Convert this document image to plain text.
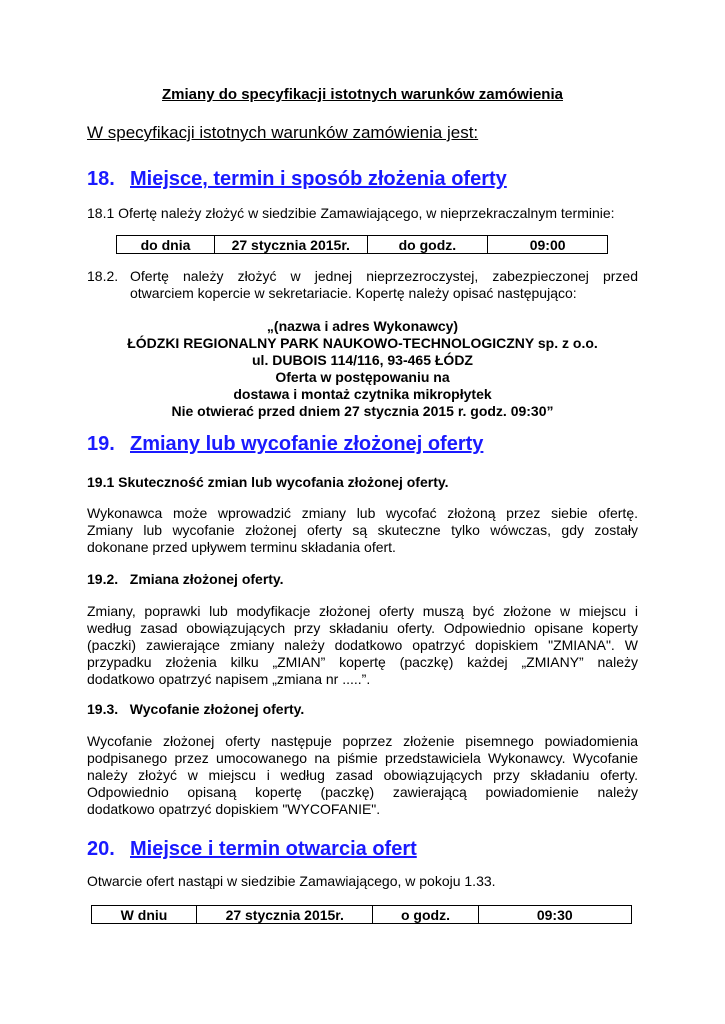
Zmiany do specyfikacji istotnych warunków zamówienia
W specyfikacji istotnych warunków zamówienia jest:
18. Miejsce, termin i sposób złożenia oferty
18.1 Ofertę należy złożyć w siedzibie Zamawiającego, w nieprzekraczalnym terminie:
do dnia	27 stycznia 2015r.	do godz.	09:00
18.2. Ofertę należy złożyć w jednej nieprzezroczystej, zabezpieczonej przed
otwarciem kopercie w sekretariacie. Kopertę należy opisać następująco:
„(nazwa i adres Wykonawcy)
ŁÓDZKI REGIONALNY PARK NAUKOWO-TECHNOLOGICZNY sp. z o.o.
ul. DUBOIS 114/116, 93-465 ŁÓDZ
Oferta w postępowaniu na
dostawa i montaż czytnika mikropłytek
Nie otwierać przed dniem 27 stycznia 2015 r. godz. 09:30”
19. Zmiany lub wycofanie złożonej oferty
19.1 Skuteczność zmian lub wycofania złożonej oferty.
Wykonawca może wprowadzić zmiany lub wycofać złożoną przez siebie ofertę.
Zmiany lub wycofanie złożonej oferty są skuteczne tylko wówczas, gdy zostały
dokonane przed upływem terminu składania ofert.
19.2.   Zmiana złożonej oferty.
Zmiany, poprawki lub modyfikacje złożonej oferty muszą być złożone w miejscu i
według zasad obowiązujących przy składaniu oferty. Odpowiednio opisane koperty
(paczki) zawierające zmiany należy dodatkowo opatrzyć dopiskiem "ZMIANA". W
przypadku złożenia kilku „ZMIAN” kopertę (paczkę) każdej „ZMIANY” należy
dodatkowo opatrzyć napisem „zmiana nr .....”.
19.3.   Wycofanie złożonej oferty.
Wycofanie złożonej oferty następuje poprzez złożenie pisemnego powiadomienia
podpisanego przez umocowanego na piśmie przedstawiciela Wykonawcy. Wycofanie
należy złożyć w miejscu i według zasad obowiązujących przy składaniu oferty.
Odpowiednio opisaną kopertę (paczkę) zawierającą powiadomienie należy
dodatkowo opatrzyć dopiskiem "WYCOFANIE".
20. Miejsce i termin otwarcia ofert
Otwarcie ofert nastąpi w siedzibie Zamawiającego, w pokoju 1.33.
W dniu	27 stycznia 2015r.	o godz.	09:30
